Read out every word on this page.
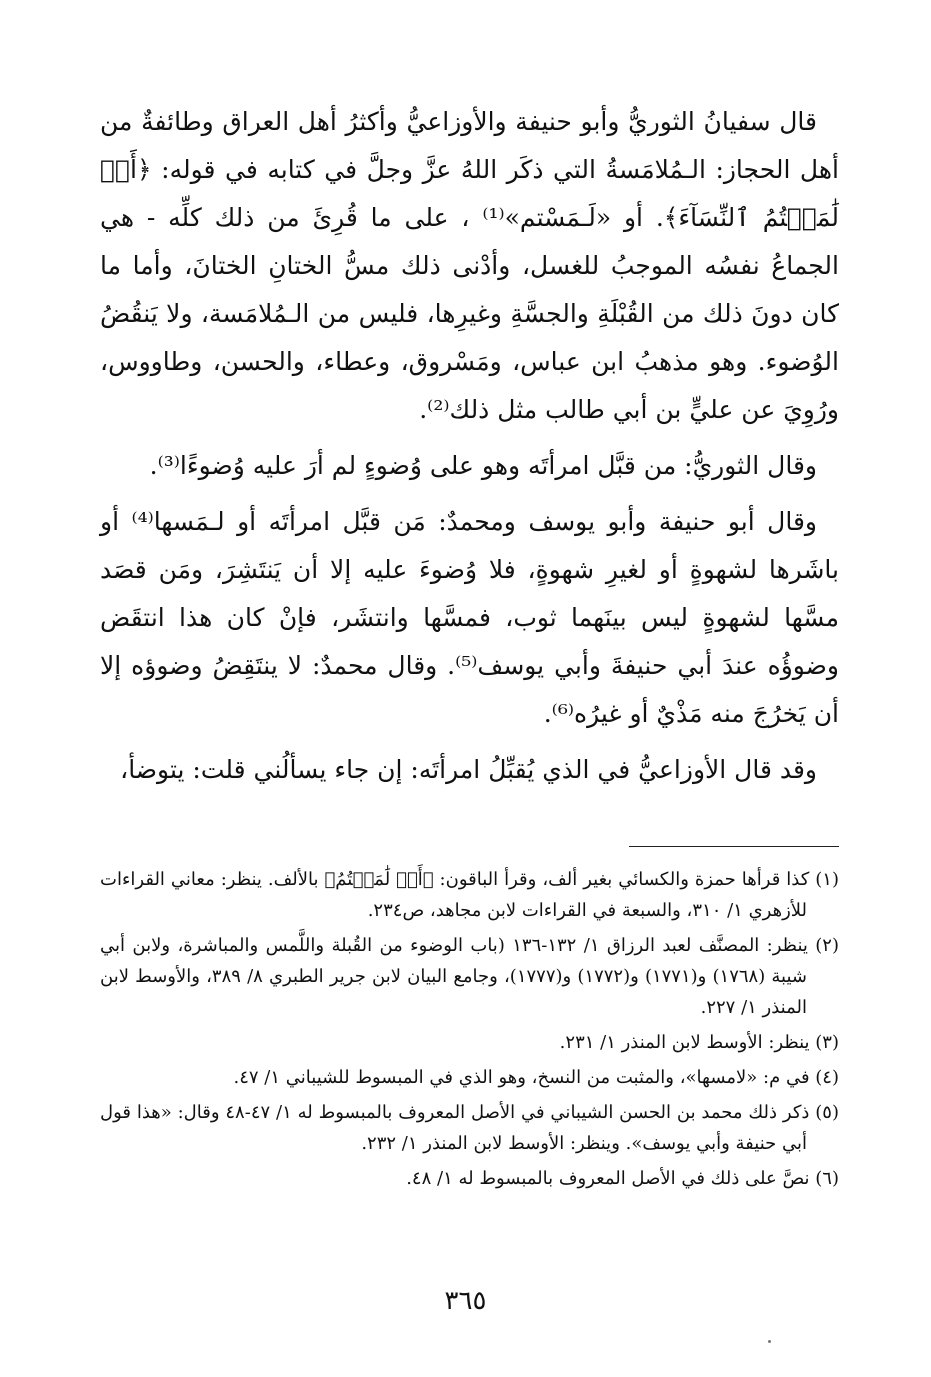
قال سفيانُ الثوريُّ وأبو حنيفة والأوزاعيُّ وأكثرُ أهل العراق وطائفةٌ من أهل الحجاز: الـمُلامَسةُ التي ذكَر اللهُ عزَّ وجلَّ في كتابه في قوله: ﴿أَوۡ لَٰمَسۡتُمُ ٱلنِّسَآءَ﴾. أو «لَـمَسْتم»⁽¹⁾ ، على ما قُرِئَ من ذلك كلِّه - هي الجماعُ نفسُه الموجبُ للغسل، وأدْنى ذلك مسُّ الختانِ الختانَ، وأما ما كان دونَ ذلك من القُبْلَةِ والجسَّةِ وغيرِها، فليس من الـمُلامَسة، ولا يَنقُضُ الوُضوء. وهو مذهبُ ابن عباس، ومَسْروق، وعطاء، والحسن، وطاووس، ورُوِيَ عن عليٍّ بن أبي طالب مثل ذلك⁽²⁾.

وقال الثوريُّ: من قبَّل امرأتَه وهو على وُضوءٍ لم أرَ عليه وُضوءًا⁽³⁾.

وقال أبو حنيفة وأبو يوسف ومحمدٌ: مَن قبَّل امرأتَه أو لـمَسها⁽⁴⁾ أو باشَرها لشهوةٍ أو لغيرِ شهوةٍ، فلا وُضوءَ عليه إلا أن يَنتَشِرَ، ومَن قصَد مسَّها لشهوةٍ ليس بينَهما ثوب، فمسَّها وانتشَر، فإنْ كان هذا انتقَض وضوؤُه عندَ أبي حنيفةَ وأبي يوسف⁽⁵⁾. وقال محمدٌ: لا ينتَقِضُ وضوؤه إلا أن يَخرُجَ منه مَذْيٌ أو غيرُه⁽⁶⁾.

وقد قال الأوزاعيُّ في الذي يُقبِّلُ امرأتَه: إن جاء يسألُني قلت: يتوضأ،

(١) كذا قرأها حمزة والكسائي بغير ألف، وقرأ الباقون: ﴿أَوۡ لَٰمَسۡتُمُ﴾ بالألف. ينظر: معاني القراءات للأزهري ١/ ٣١٠، والسبعة في القراءات لابن مجاهد، ص٢٣٤.
(٢) ينظر: المصنَّف لعبد الرزاق ١/ ١٣٢-١٣٦ (باب الوضوء من القُبلة واللَّمس والمباشرة، ولابن أبي شيبة (١٧٦٨) و(١٧٧١) و(١٧٧٢) و(١٧٧٧)، وجامع البيان لابن جرير الطبري ٨/ ٣٨٩، والأوسط لابن المنذر ١/ ٢٢٧.
(٣) ينظر: الأوسط لابن المنذر ١/ ٢٣١.
(٤) في م: «لامسها»، والمثبت من النسخ، وهو الذي في المبسوط للشيباني ١/ ٤٧.
(٥) ذكر ذلك محمد بن الحسن الشيباني في الأصل المعروف بالمبسوط له ١/ ٤٧-٤٨ وقال: «هذا قول أبي حنيفة وأبي يوسف». وينظر: الأوسط لابن المنذر ١/ ٢٣٢.
(٦) نصَّ على ذلك في الأصل المعروف بالمبسوط له ١/ ٤٨.
٣٦٥
